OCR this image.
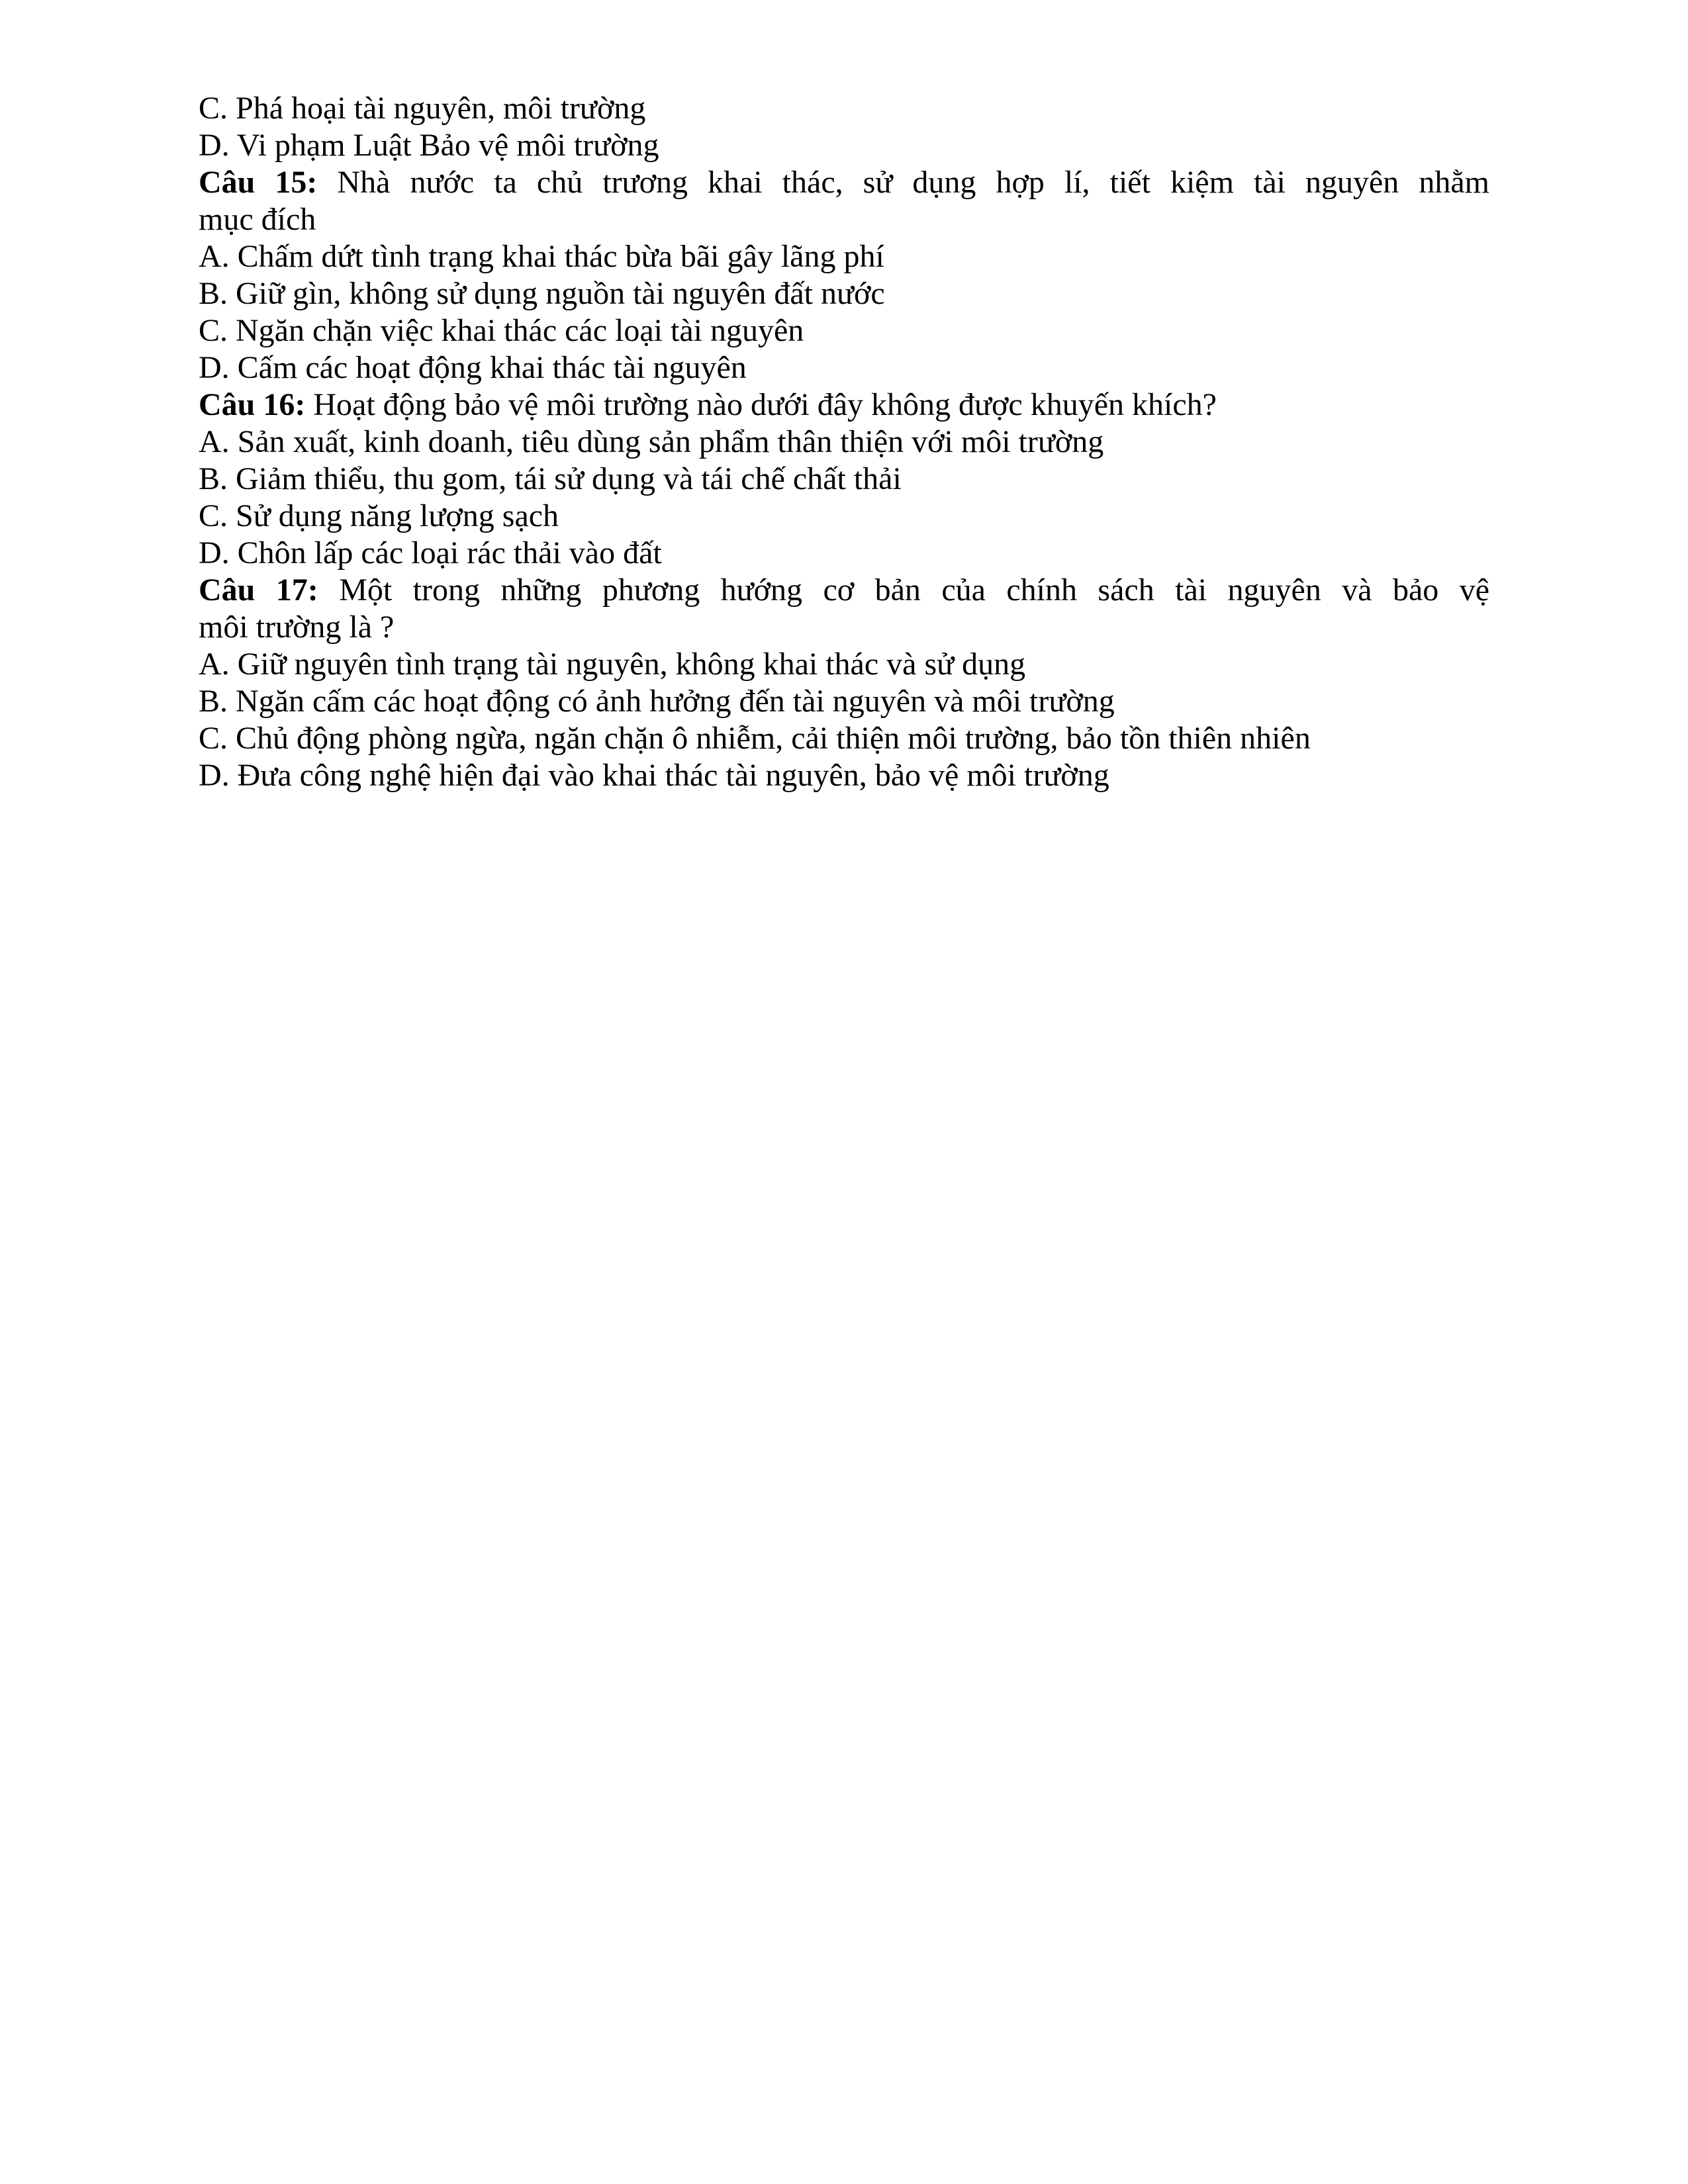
C. Phá hoại tài nguyên, môi trường
D. Vi phạm Luật Bảo vệ môi trường
Câu 15: Nhà nước ta chủ trương khai thác, sử dụng hợp lí, tiết kiệm tài nguyên nhằm
mục đích
A. Chấm dứt tình trạng khai thác bừa bãi gây lãng phí
B. Giữ gìn, không sử dụng nguồn tài nguyên đất nước
C. Ngăn chặn việc khai thác các loại tài nguyên
D. Cấm các hoạt động khai thác tài nguyên
Câu 16: Hoạt động bảo vệ môi trường nào dưới đây không được khuyến khích?
A. Sản xuất, kinh doanh, tiêu dùng sản phẩm thân thiện với môi trường
B. Giảm thiểu, thu gom, tái sử dụng và tái chế chất thải
C. Sử dụng năng lượng sạch
D. Chôn lấp các loại rác thải vào đất
Câu 17: Một trong những phương hướng cơ bản của chính sách tài nguyên và bảo vệ
môi trường là ?
A. Giữ nguyên tình trạng tài nguyên, không khai thác và sử dụng
B. Ngăn cấm các hoạt động có ảnh hưởng đến tài nguyên và môi trường
C. Chủ động phòng ngừa, ngăn chặn ô nhiễm, cải thiện môi trường, bảo tồn thiên nhiên
D. Đưa công nghệ hiện đại vào khai thác tài nguyên, bảo vệ môi trường
